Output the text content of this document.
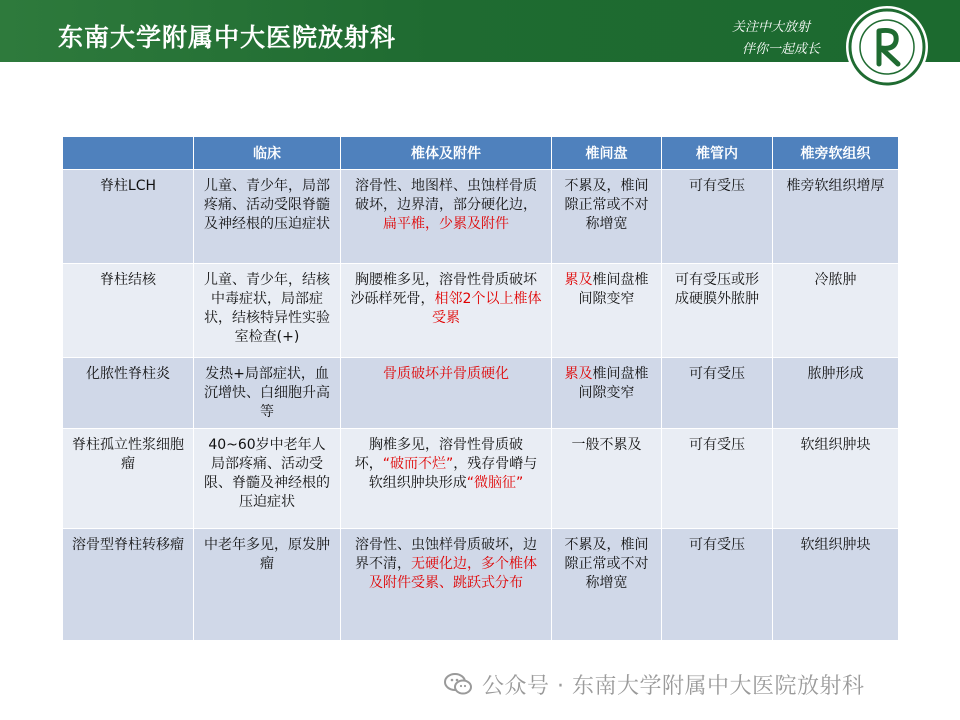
东南大学附属中大医院放射科	关注中大放射
伴你一起成长
	临床	椎体及附件	椎间盘	椎管内	椎旁软组织
脊柱LCH	儿童、青少年，局部疼痛、活动受限脊髓及神经根的压迫症状	溶骨性、地图样、虫蚀样骨质破坏，边界清，部分硬化边，扁平椎，少累及附件	不累及，椎间隙正常或不对称增宽	可有受压	椎旁软组织增厚
脊柱结核	儿童、青少年，结核中毒症状，局部症状，结核特异性实验室检查(+)	胸腰椎多见，溶骨性骨质破坏沙砾样死骨，相邻2个以上椎体受累	累及椎间盘椎间隙变窄	可有受压或形成硬膜外脓肿	冷脓肿
化脓性脊柱炎	发热+局部症状，血沉增快、白细胞升高等	骨质破坏并骨质硬化	累及椎间盘椎间隙变窄	可有受压	脓肿形成
脊柱孤立性浆细胞瘤	40~60岁中老年人局部疼痛、活动受限、脊髓及神经根的压迫症状	胸椎多见，溶骨性骨质破坏，“破而不烂”，残存骨嵴与软组织肿块形成“微脑征”	一般不累及	可有受压	软组织肿块
溶骨型脊柱转移瘤	中老年多见，原发肿瘤	溶骨性、虫蚀样骨质破坏，边界不清，无硬化边，多个椎体及附件受累、跳跃式分布	不累及，椎间隙正常或不对称增宽	可有受压	软组织肿块
公众号 · 东南大学附属中大医院放射科
